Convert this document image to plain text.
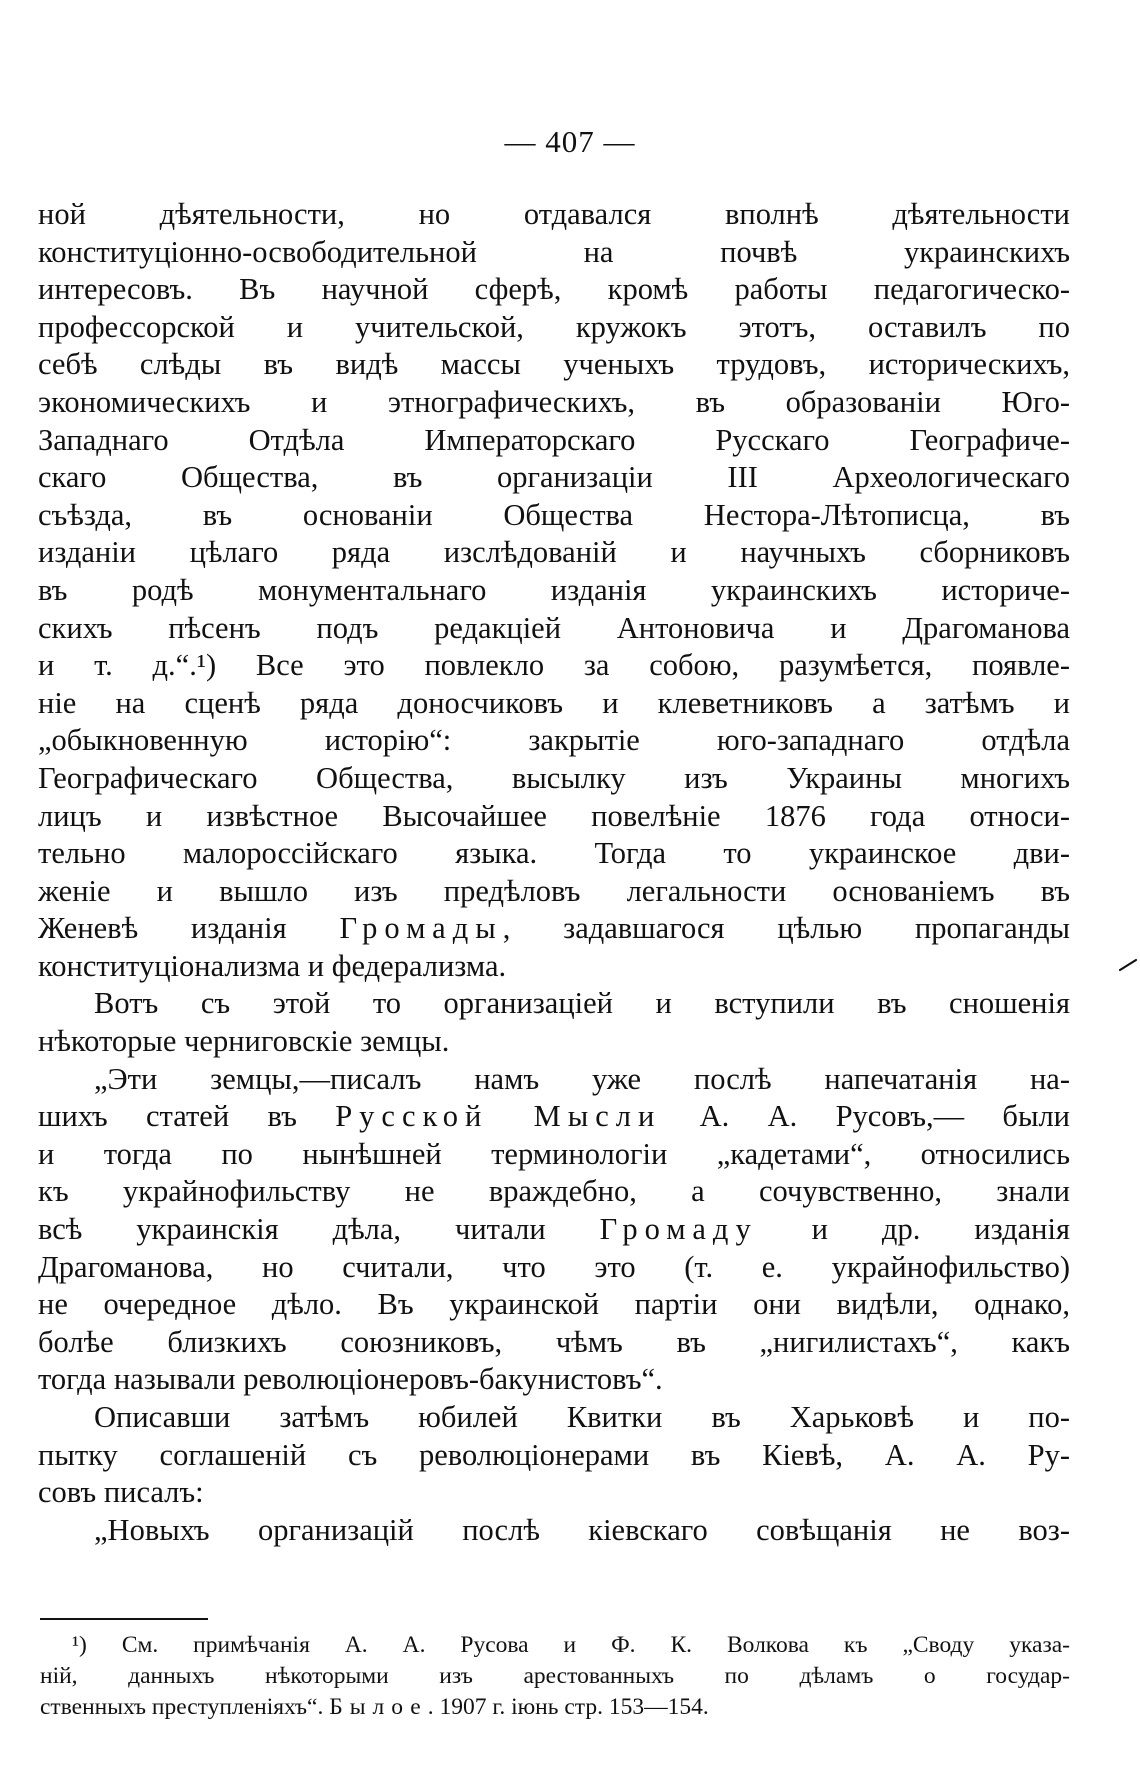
— 407 —
ной дѣятельности, но отдавался вполнѣ дѣятельности
конституціонно-освободительной на почвѣ украинскихъ
интересовъ. Въ научной сферѣ, кромѣ работы педагогическо-
профессорской и учительской, кружокъ этотъ, оставилъ по
себѣ слѣды въ видѣ массы ученыхъ трудовъ, историческихъ,
экономическихъ и этнографическихъ, въ образованіи Юго-
Западнаго Отдѣла Императорскаго Русскаго Географиче-
скаго Общества, въ организаціи III Археологическаго
съѣзда, въ основаніи Общества Нестора-Лѣтописца, въ
изданіи цѣлаго ряда изслѣдованій и научныхъ сборниковъ
въ родѣ монументальнаго изданія украинскихъ историче-
скихъ пѣсенъ подъ редакціей Антоновича и Драгоманова
и т. д.“.¹) Все это повлекло за собою, разумѣется, появле-
ніе на сценѣ ряда доносчиковъ и клеветниковъ а затѣмъ и
„обыкновенную исторію“: закрытіе юго-западнаго отдѣла
Географическаго Общества, высылку изъ Украины многихъ
лицъ и извѣстное Высочайшее повелѣніе 1876 года относи-
тельно малороссійскаго языка. Тогда то украинское дви-
женіе и вышло изъ предѣловъ легальности основаніемъ въ
Женевѣ изданія Громады, задавшагося цѣлью пропаганды
конституціонализма и федерализма.
Вотъ съ этой то организаціей и вступили въ сношенія
нѣкоторые черниговскіе земцы.
„Эти земцы,—писалъ намъ уже послѣ напечатанія на-
шихъ статей въ Русской Мысли А. А. Русовъ,— были
и тогда по нынѣшней терминологіи „кадетами“, относились
къ украйнофильству не враждебно, а сочувственно, знали
всѣ украинскія дѣла, читали Громаду и др. изданія
Драгоманова, но считали, что это (т. е. украйнофильство)
не очередное дѣло. Въ украинской партіи они видѣли, однако,
болѣе близкихъ союзниковъ, чѣмъ въ „нигилистахъ“, какъ
тогда называли революціонеровъ-бакунистовъ“.
Описавши затѣмъ юбилей Квитки въ Харьковѣ и по-
пытку соглашеній съ революціонерами въ Кіевѣ, А. А. Ру-
совъ писалъ:
„Новыхъ организацій послѣ кіевскаго совѣщанія не воз-
¹) См. примѣчанія А. А. Русова и Ф. К. Волкова къ „Своду указа-
ній, данныхъ нѣкоторыми изъ арестованныхъ по дѣламъ о государ-
ственныхъ преступленіяхъ“. Былое. 1907 г. іюнь стр. 153—154.
